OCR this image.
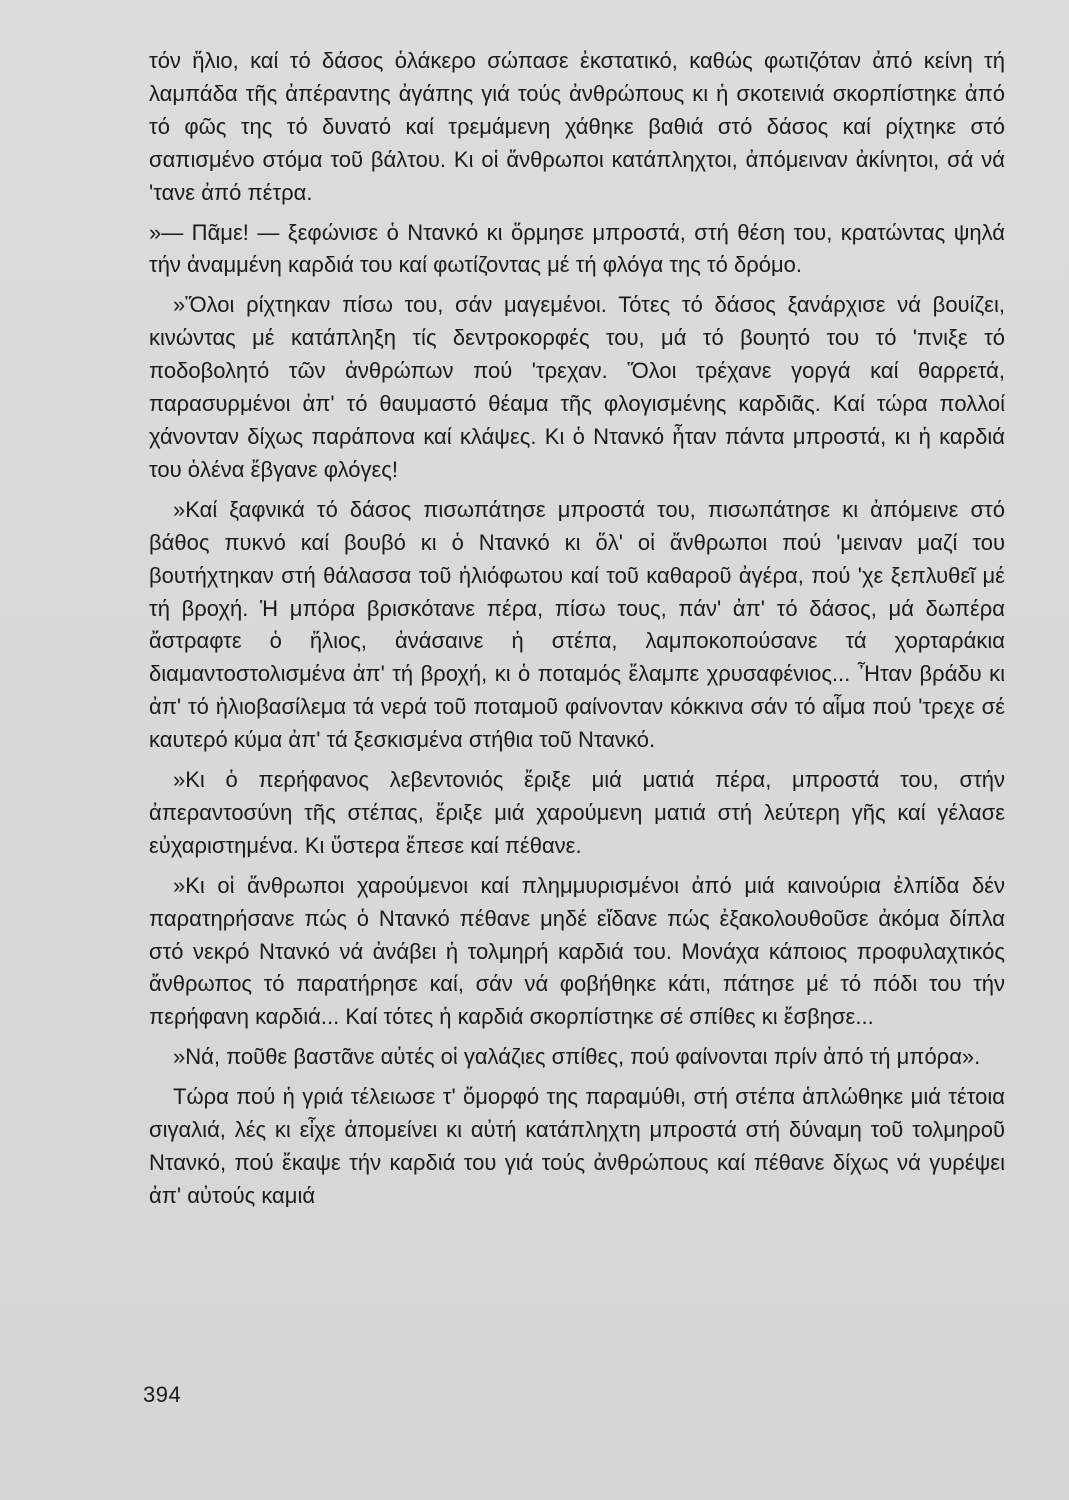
τόν ἥλιο, καί τό δάσος ὁλάκερο σώπασε ἐκστατικό, καθώς φωτιζόταν ἀπό κείνη τή λαμπάδα τῆς ἀπέραντης ἀγάπης γιά τούς ἀνθρώπους κι ἡ σκοτεινιά σκορπίστηκε ἀπό τό φῶς της τό δυνατό καί τρεμάμενη χάθηκε βαθιά στό δάσος καί ρίχτηκε στό σαπισμένο στόμα τοῦ βάλτου. Κι οἱ ἄνθρωποι κατάπληχτοι, ἀπόμειναν ἀκίνητοι, σά νά 'τανε ἀπό πέτρα.

»— Πᾶμε! — ξεφώνισε ὁ Ντανκό κι ὅρμησε μπροστά, στή θέση του, κρατώντας ψηλά τήν ἀναμμένη καρδιά του καί φωτίζοντας μέ τή φλόγα της τό δρόμο.

»Ὅλοι ρίχτηκαν πίσω του, σάν μαγεμένοι. Τότες τό δάσος ξανάρχισε νά βουίζει, κινώντας μέ κατάπληξη τίς δεντροκορφές του, μά τό βουητό του τό 'πνιξε τό ποδοβολητό τῶν ἀνθρώπων πού 'τρεχαν. Ὅλοι τρέχανε γοργά καί θαρρετά, παρασυρμένοι ἀπ' τό θαυμαστό θέαμα τῆς φλογισμένης καρδιᾶς. Καί τώρα πολλοί χάνονταν δίχως παράπονα καί κλάψες. Κι ὁ Ντανκό ἦταν πάντα μπροστά, κι ἡ καρδιά του ὁλένα ἔβγανε φλόγες!

»Καί ξαφνικά τό δάσος πισωπάτησε μπροστά του, πισωπάτησε κι ἀπόμεινε στό βάθος πυκνό καί βουβό κι ὁ Ντανκό κι ὅλ' οἱ ἄνθρωποι πού 'μειναν μαζί του βουτήχτηκαν στή θάλασσα τοῦ ἡλιόφωτου καί τοῦ καθαροῦ ἀγέρα, πού 'χε ξεπλυθεῖ μέ τή βροχή. Ἡ μπόρα βρισκότανε πέρα, πίσω τους, πάν' ἀπ' τό δάσος, μά δωπέρα ἄστραφτε ὁ ἥλιος, ἀνάσαινε ἡ στέπα, λαμποκοπούσανε τά χορταράκια διαμαντοστολισμένα ἀπ' τή βροχή, κι ὁ ποταμός ἔλαμπε χρυσαφένιος... Ἦταν βράδυ κι ἀπ' τό ἡλιοβασίλεμα τά νερά τοῦ ποταμοῦ φαίνονταν κόκκινα σάν τό αἷμα πού 'τρεχε σέ καυτερό κύμα ἀπ' τά ξεσκισμένα στήθια τοῦ Ντανκό.

»Κι ὁ περήφανος λεβεντονιός ἔριξε μιά ματιά πέρα, μπροστά του, στήν ἀπεραντοσύνη τῆς στέπας, ἔριξε μιά χαρούμενη ματιά στή λεύτερη γῆς καί γέλασε εὐχαριστημένα. Κι ὕστερα ἔπεσε καί πέθανε.

»Κι οἱ ἄνθρωποι χαρούμενοι καί πλημμυρισμένοι ἀπό μιά καινούρια ἐλπίδα δέν παρατηρήσανε πώς ὁ Ντανκό πέθανε μηδέ εἴδανε πώς ἐξακολουθοῦσε ἀκόμα δίπλα στό νεκρό Ντανκό νά ἀνάβει ἡ τολμηρή καρδιά του. Μονάχα κάποιος προφυλαχτικός ἄνθρωπος τό παρατήρησε καί, σάν νά φοβήθηκε κάτι, πάτησε μέ τό πόδι του τήν περήφανη καρδιά... Καί τότες ἡ καρδιά σκορπίστηκε σέ σπίθες κι ἔσβησε...

»Νά, ποῦθε βαστᾶνε αὐτές οἱ γαλάζιες σπίθες, πού φαίνονται πρίν ἀπό τή μπόρα».

Τώρα πού ἡ γριά τέλειωσε τ' ὄμορφό της παραμύθι, στή στέπα ἁπλώθηκε μιά τέτοια σιγαλιά, λές κι εἶχε ἀπομείνει κι αὐτή κατάπληχτη μπροστά στή δύναμη τοῦ τολμηροῦ Ντανκό, πού ἔκαψε τήν καρδιά του γιά τούς ἀνθρώπους καί πέθανε δίχως νά γυρέψει ἀπ' αὐτούς καμιά

394
